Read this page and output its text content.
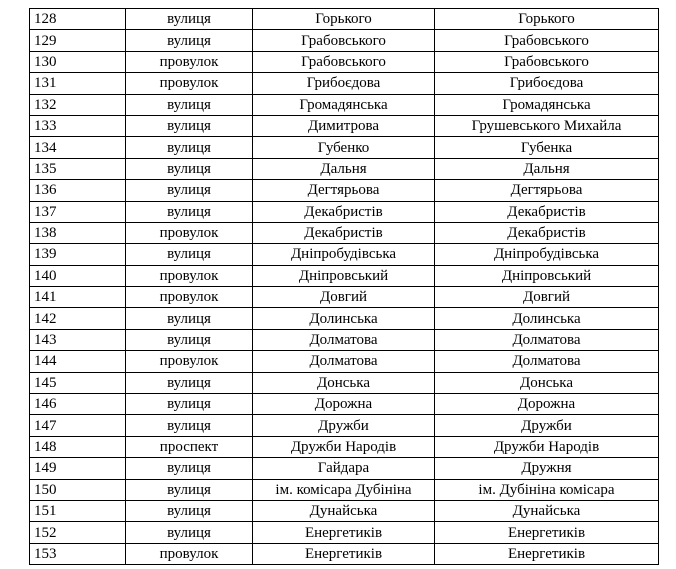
128	вулиця	Горького	Горького
129	вулиця	Грабовського	Грабовського
130	провулок	Грабовського	Грабовського
131	провулок	Грибоєдова	Грибоєдова
132	вулиця	Громадянська	Громадянська
133	вулиця	Димитрова	Грушевського Михайла
134	вулиця	Губенко	Губенка
135	вулиця	Дальня	Дальня
136	вулиця	Дегтярьова	Дегтярьова
137	вулиця	Декабристів	Декабристів
138	провулок	Декабристів	Декабристів
139	вулиця	Дніпробудівська	Дніпробудівська
140	провулок	Дніпровський	Дніпровський
141	провулок	Довгий	Довгий
142	вулиця	Долинська	Долинська
143	вулиця	Долматова	Долматова
144	провулок	Долматова	Долматова
145	вулиця	Донська	Донська
146	вулиця	Дорожна	Дорожна
147	вулиця	Дружби	Дружби
148	проспект	Дружби Народів	Дружби Народів
149	вулиця	Гайдара	Дружня
150	вулиця	ім. комісара Дубініна	ім. Дубініна комісара
151	вулиця	Дунайська	Дунайська
152	вулиця	Енергетиків	Енергетиків
153	провулок	Енергетиків	Енергетиків
